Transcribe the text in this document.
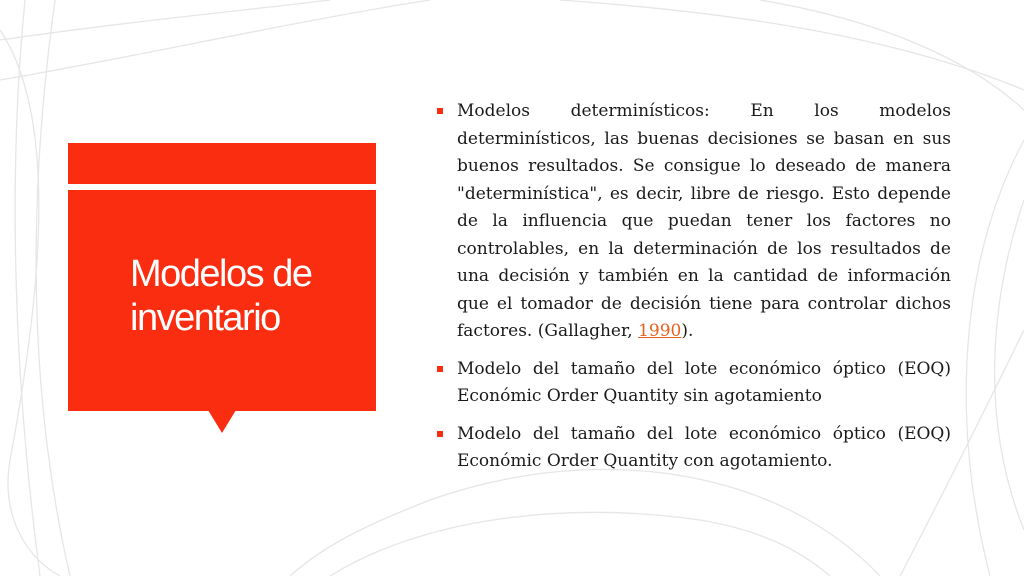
Modelos de inventario
Modelos determinísticos: En los modelos determinísticos, las buenas decisiones se basan en sus buenos resultados. Se consigue lo deseado de manera "determinística", es decir, libre de riesgo. Esto depende de la influencia que puedan tener los factores no controlables, en la determinación de los resultados de una decisión y también en la cantidad de información que el tomador de decisión tiene para controlar dichos factores. (Gallagher, 1990).
Modelo del tamaño del lote económico óptico (EOQ) Económic Order Quantity sin agotamiento
Modelo del tamaño del lote económico óptico (EOQ) Económic Order Quantity con agotamiento.
